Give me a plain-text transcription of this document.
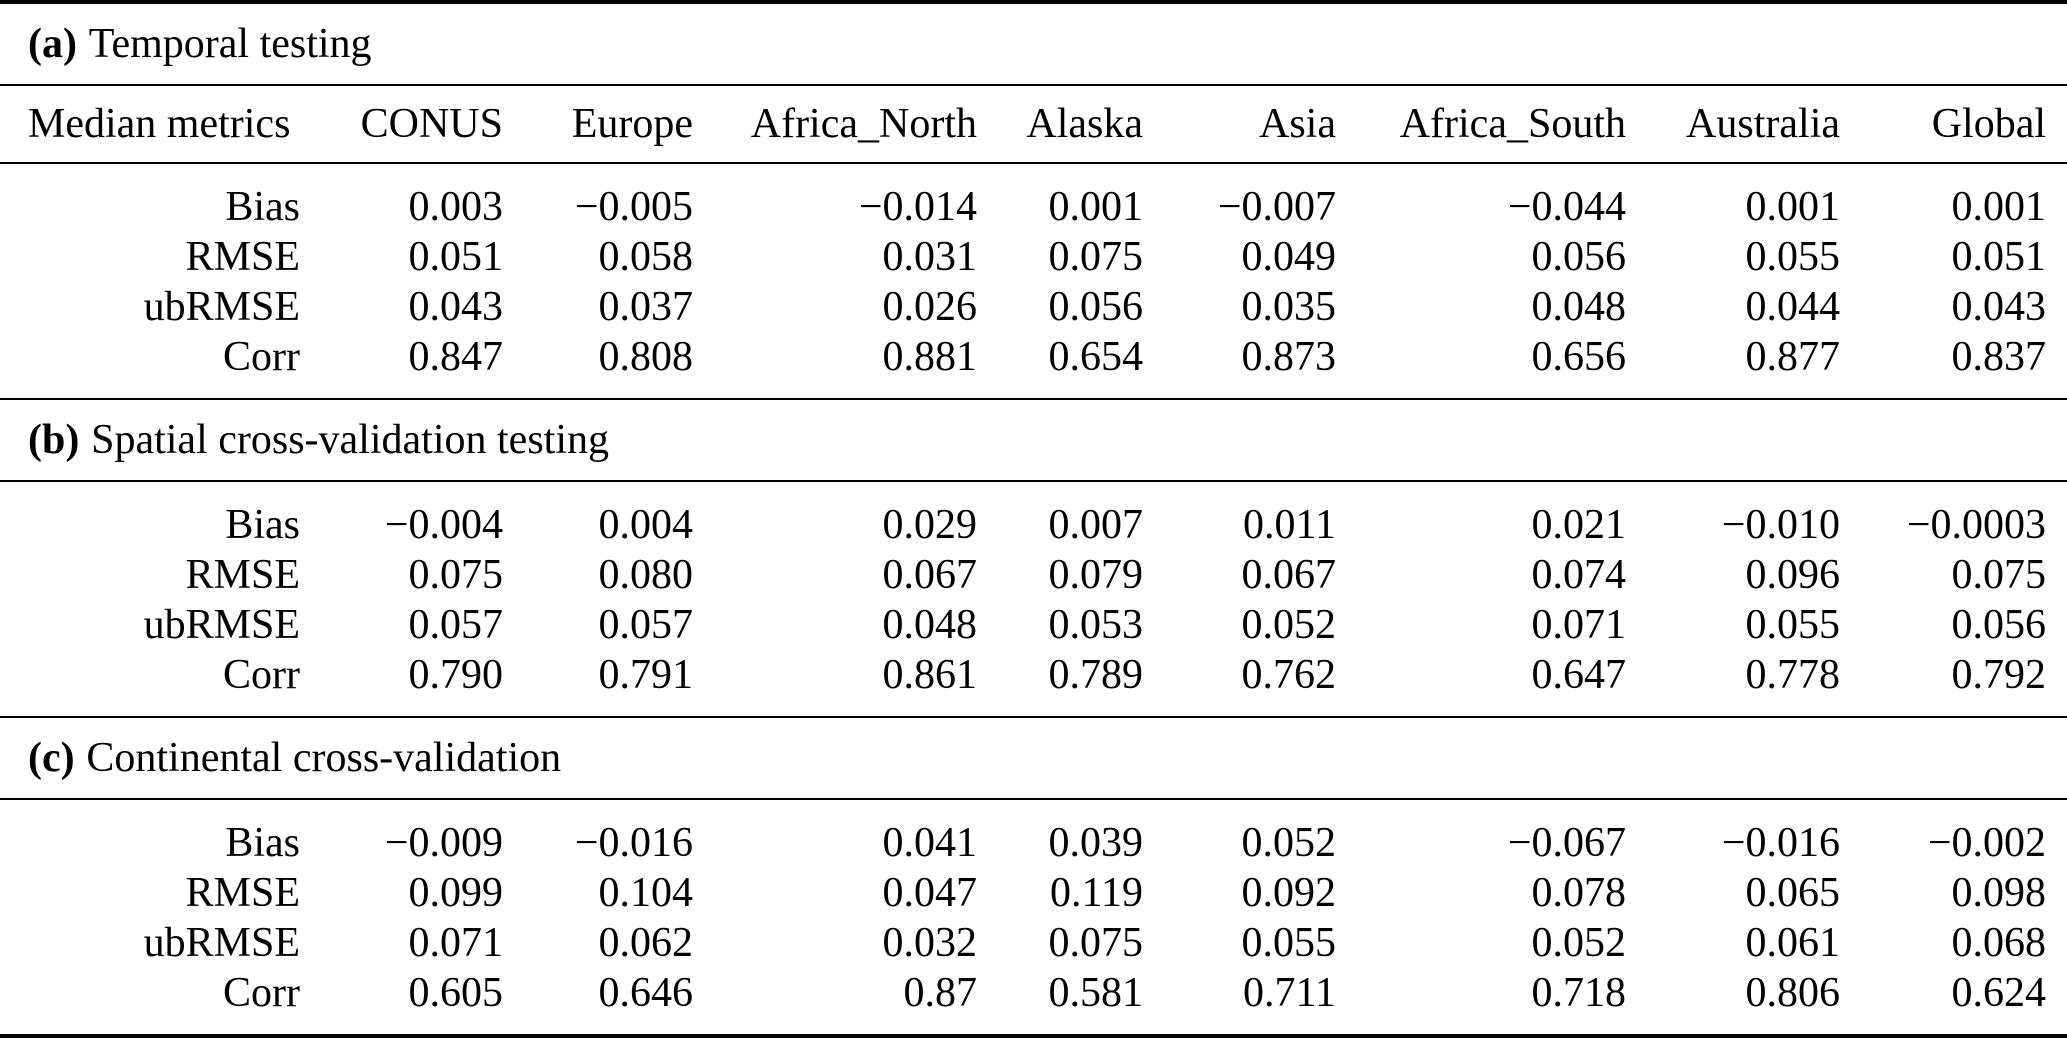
(a) Temporal testing								
Median metrics	CONUS	Europe	Africa_North	Alaska	Asia	Africa_South	Australia	Global
Bias	0.003	−0.005	−0.014	0.001	−0.007	−0.044	0.001	0.001
RMSE	0.051	0.058	0.031	0.075	0.049	0.056	0.055	0.051
ubRMSE	0.043	0.037	0.026	0.056	0.035	0.048	0.044	0.043
Corr	0.847	0.808	0.881	0.654	0.873	0.656	0.877	0.837
(b) Spatial cross-validation testing								
Bias	−0.004	0.004	0.029	0.007	0.011	0.021	−0.010	−0.0003
RMSE	0.075	0.080	0.067	0.079	0.067	0.074	0.096	0.075
ubRMSE	0.057	0.057	0.048	0.053	0.052	0.071	0.055	0.056
Corr	0.790	0.791	0.861	0.789	0.762	0.647	0.778	0.792
(c) Continental cross-validation								
Bias	−0.009	−0.016	0.041	0.039	0.052	−0.067	−0.016	−0.002
RMSE	0.099	0.104	0.047	0.119	0.092	0.078	0.065	0.098
ubRMSE	0.071	0.062	0.032	0.075	0.055	0.052	0.061	0.068
Corr	0.605	0.646	0.87	0.581	0.711	0.718	0.806	0.624
